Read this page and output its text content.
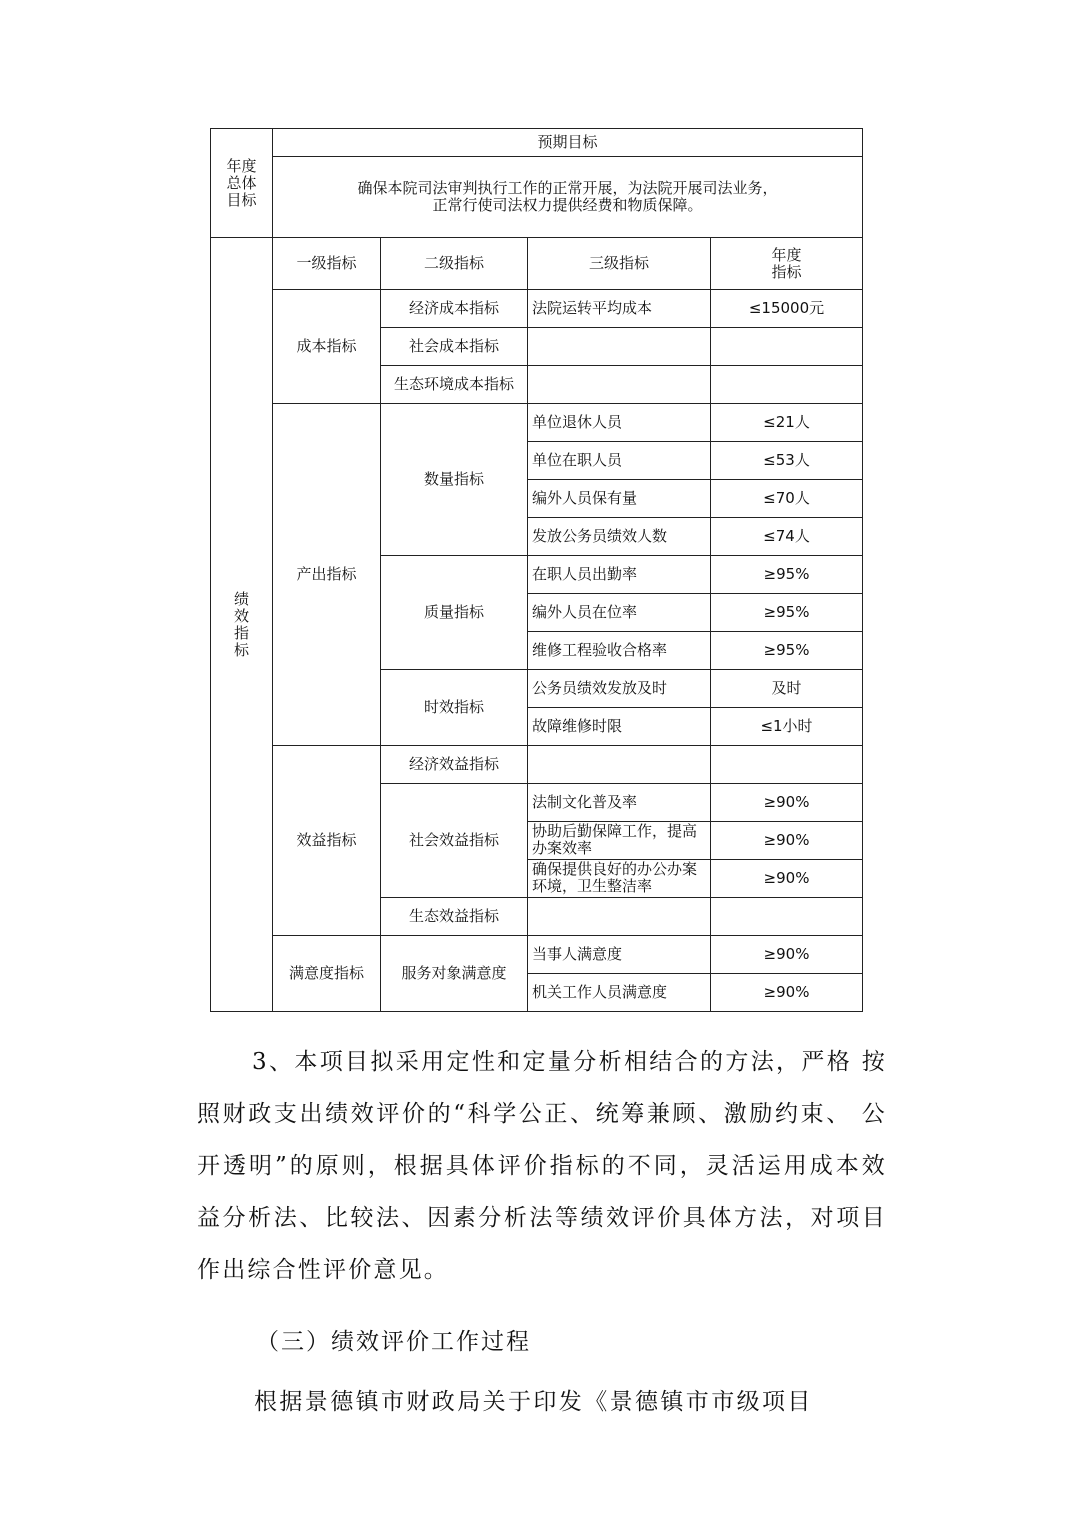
年度
总体
目标	预期目标			

	确保本院司法审判执行工作的正常开展，为法院开展司法业务，
正常行使司法权力提供经费和物质保障。			

绩
效
指
标	一级指标	二级指标	三级指标	年度
指标

	成本指标	经济成本指标	法院运转平均成本	≤15000元
		社会成本指标		
		生态环境成本指标		
	产出指标	数量指标	单位退休人员	≤21人
			单位在职人员	≤53人
			编外人员保有量	≤70人
			发放公务员绩效人数	≤74人
		质量指标	在职人员出勤率	≥95%
			编外人员在位率	≥95%
			维修工程验收合格率	≥95%
		时效指标	公务员绩效发放及时	及时
			故障维修时限	≤1小时
	效益指标	经济效益指标		
		社会效益指标	法制文化普及率	≥90%

			协助后勤保障工作，提高办案效率	≥90%

			确保提供良好的办公办案环境，卫生整洁率	≥90%
		生态效益指标		
	满意度指标	服务对象满意度	当事人满意度	≥90%
			机关工作人员满意度	≥90%
3、本项目拟采用定性和定量分析相结合的方法，严格 按照财政支出绩效评价的“科学公正、统筹兼顾、激励约束、 公开透明”的原则，根据具体评价指标的不同，灵活运用成本效益分析法、比较法、因素分析法等绩效评价具体方法，对项目作出综合性评价意见。
（三）绩效评价工作过程
根据景德镇市财政局关于印发《景德镇市市级项目
